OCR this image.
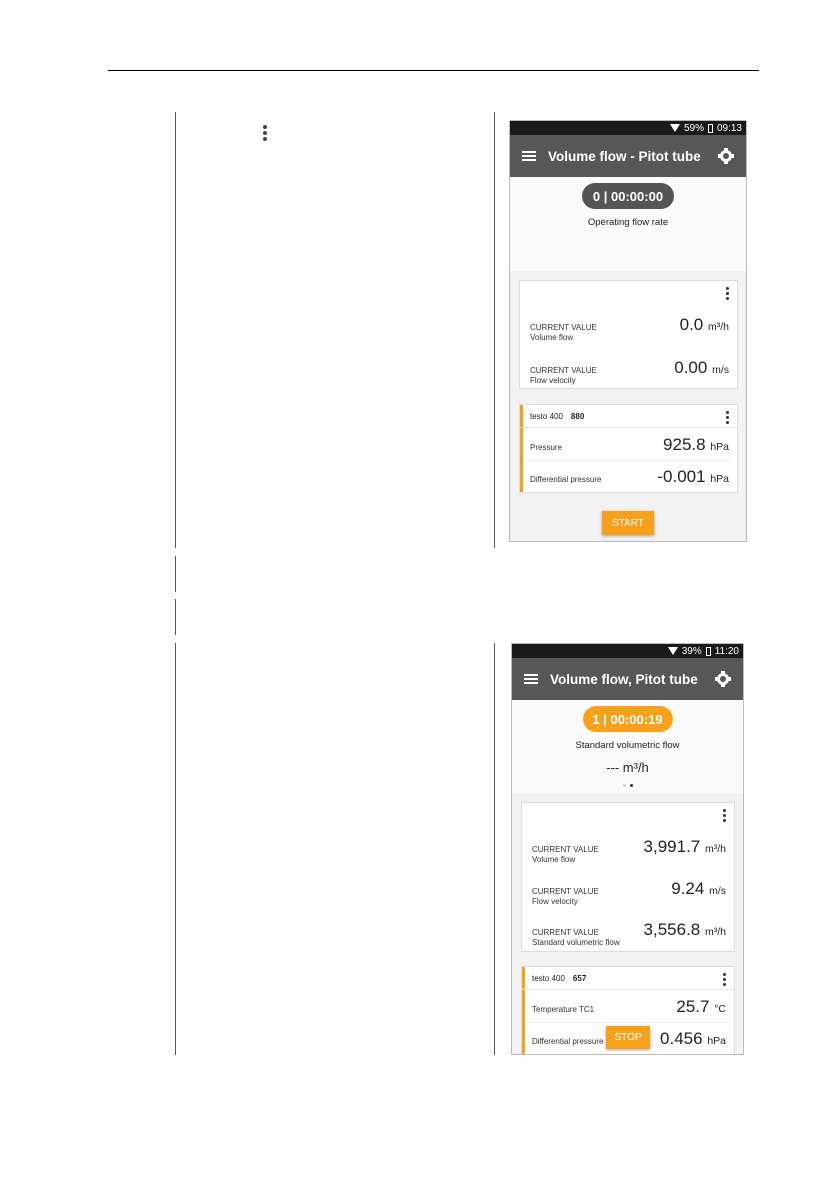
59% 09:13
Volume flow - Pitot tube
0 | 00:00:00
Operating flow rate
CURRENT VALUE
Volume flow
0.0 m³/h
CURRENT VALUE
Flow velocity
0.00 m/s
testo 400 880
Pressure	925.8 hPa
Differential pressure	-0.001 hPa
START
39% 11:20
Volume flow, Pitot tube
1 | 00:00:19
Standard volumetric flow
--- m³/h
CURRENT VALUE
Volume flow
3,991.7 m³/h
CURRENT VALUE
Flow velocity
9.24 m/s
CURRENT VALUE
Standard volumetric flow
3,556.8 m³/h
testo 400 657
Temperature TC1	25.7 °C
Differential pressure	0.456 hPa
STOP
